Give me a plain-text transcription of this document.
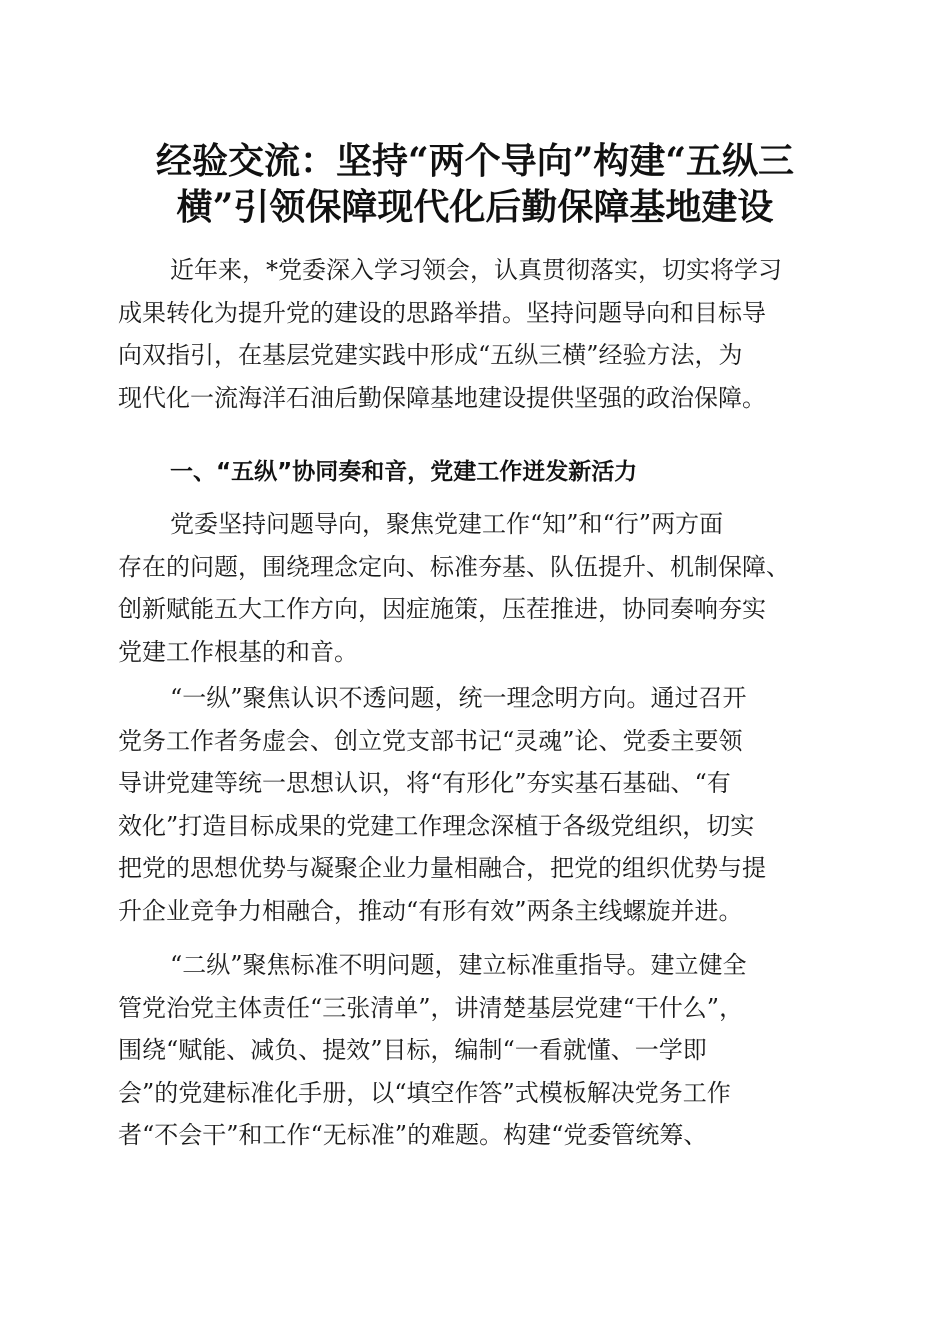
经验交流：坚持“两个导向”构建“五纵三
横”引领保障现代化后勤保障基地建设
近年来，*党委深入学习领会，认真贯彻落实，切实将学习
成果转化为提升党的建设的思路举措。坚持问题导向和目标导
向双指引，在基层党建实践中形成“五纵三横”经验方法，为
现代化一流海洋石油后勤保障基地建设提供坚强的政治保障。
一、“五纵”协同奏和音，党建工作迸发新活力
党委坚持问题导向，聚焦党建工作“知”和“行”两方面
存在的问题，围绕理念定向、标准夯基、队伍提升、机制保障、
创新赋能五大工作方向，因症施策，压茬推进，协同奏响夯实
党建工作根基的和音。
“一纵”聚焦认识不透问题，统一理念明方向。通过召开
党务工作者务虚会、创立党支部书记“灵魂”论、党委主要领
导讲党建等统一思想认识，将“有形化”夯实基石基础、“有
效化”打造目标成果的党建工作理念深植于各级党组织，切实
把党的思想优势与凝聚企业力量相融合，把党的组织优势与提
升企业竞争力相融合，推动“有形有效”两条主线螺旋并进。
“二纵”聚焦标准不明问题，建立标准重指导。建立健全
管党治党主体责任“三张清单”，讲清楚基层党建“干什么”，
围绕“赋能、减负、提效”目标，编制“一看就懂、一学即
会”的党建标准化手册，以“填空作答”式模板解决党务工作
者“不会干”和工作“无标准”的难题。构建“党委管统筹、
